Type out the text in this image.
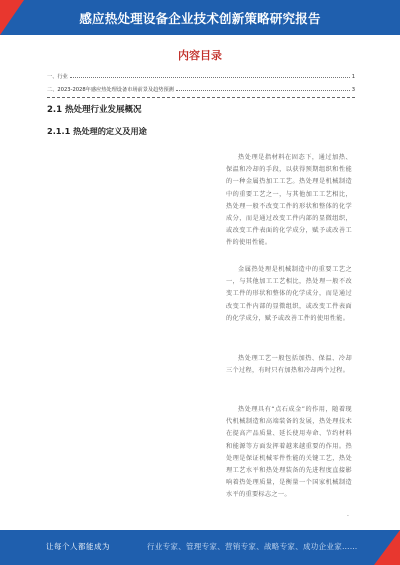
感应热处理设备企业技术创新策略研究报告
内容目录
一、行业	1
二、2023-2028年感应热处理设备市场前景及趋势预测	3
2.1 热处理行业发展概况
2.1.1 热处理的定义及用途

热处理是指材料在固态下，通过加热、保温和冷却的手段，以获得预期组织和性能的一种金属热加工工艺。热处理是机械制造中的重要工艺之一，与其他加工工艺相比，热处理一般不改变工件的形状和整体的化学成分，而是通过改变工件内部的显微组织，或改变工件表面的化学成分，赋予或改善工件的使用性能。

金属热处理是机械制造中的重要工艺之一，与其他加工工艺相比，热处理一般不改变工件的形状和整体的化学成分，而是通过改变工件内部的显微组织，或改变工件表面的化学成分，赋予或改善工件的使用性能。

热处理工艺一般包括加热、保温、冷却三个过程，有时只有加热和冷却两个过程。

热处理具有“点石成金”的作用，随着现代机械制造和高端装备的发展，热处理技术在提高产品质量、延长使用寿命、节约材料和能源等方面发挥着越来越重要的作用。热处理是保证机械零件性能的关键工艺，热处理工艺水平和热处理装备的先进程度直接影响着热处理质量，是衡量一个国家机械制造水平的重要标志之一。

·
让每个人都能成为	行业专家、管理专家、营销专家、战略专家、成功企业家……
